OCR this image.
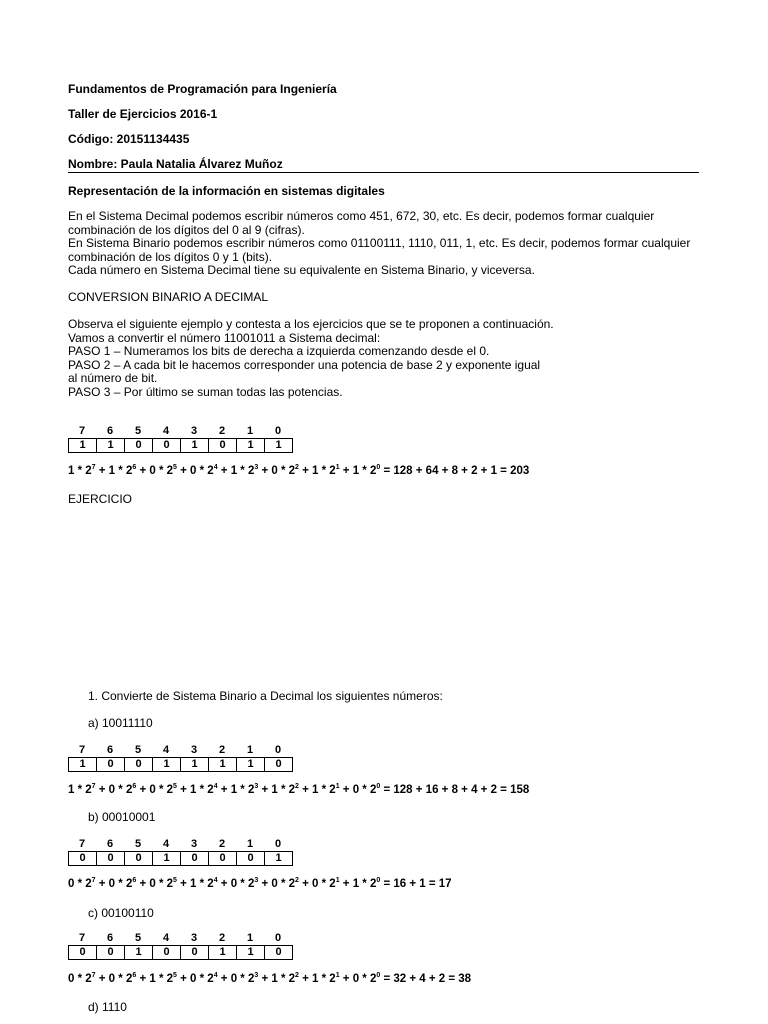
Fundamentos de Programación para Ingeniería
Taller de Ejercicios 2016-1
Código: 20151134435
Nombre: Paula Natalia Álvarez Muñoz
Representación de la información en sistemas digitales
En el Sistema Decimal podemos escribir números como 451, 672, 30, etc. Es decir, podemos formar cualquier
combinación de los dígitos del 0 al 9 (cifras).
En Sistema Binario podemos escribir números como 01100111, 1110, 011, 1, etc. Es decir, podemos formar cualquier
combinación de los dígitos 0 y 1 (bits).
Cada número en Sistema Decimal tiene su equivalente en Sistema Binario, y viceversa.
CONVERSION BINARIO A DECIMAL
Observa el siguiente ejemplo y contesta a los ejercicios que se te proponen a continuación.
Vamos a convertir el número 11001011 a Sistema decimal:
PASO 1 – Numeramos los bits de derecha a izquierda comenzando desde el 0.
PASO 2 – A cada bit le hacemos corresponder una potencia de base 2 y exponente igual
al número de bit.
PASO 3 – Por último se suman todas las potencias.
7	6	5	4	3	2	1	0
1	1	0	0	1	0	1	1
$1 * 2^7 + 1 * 2^6 + 0 * 2^5 + 0 * 2^4 + 1 * 2^3 + 0 * 2^2 + 1 * 2^1 + 1 * 2^0 = 128 + 64 + 8 + 2 + 1 = 203$
EJERCICIO
1. Convierte de Sistema Binario a Decimal los siguientes números:
a) 10011110
7	6	5	4	3	2	1	0
1	0	0	1	1	1	1	0
$1 * 2^7 + 0 * 2^6 + 0 * 2^5 + 1 * 2^4 + 1 * 2^3 + 1 * 2^2 + 1 * 2^1 + 0 * 2^0 = 128 + 16 + 8 + 4 + 2 = 158$
b) 00010001
7	6	5	4	3	2	1	0
0	0	0	1	0	0	0	1
$0 * 2^7 + 0 * 2^6 + 0 * 2^5 + 1 * 2^4 + 0 * 2^3 + 0 * 2^2 + 0 * 2^1 + 1 * 2^0 = 16 + 1 = 17$
c) 00100110
7	6	5	4	3	2	1	0
0	0	1	0	0	1	1	0
$0 * 2^7 + 0 * 2^6 + 1 * 2^5 + 0 * 2^4 + 0 * 2^3 + 1 * 2^2 + 1 * 2^1 + 0 * 2^0 = 32 + 4 + 2 = 38$
d) 1110
